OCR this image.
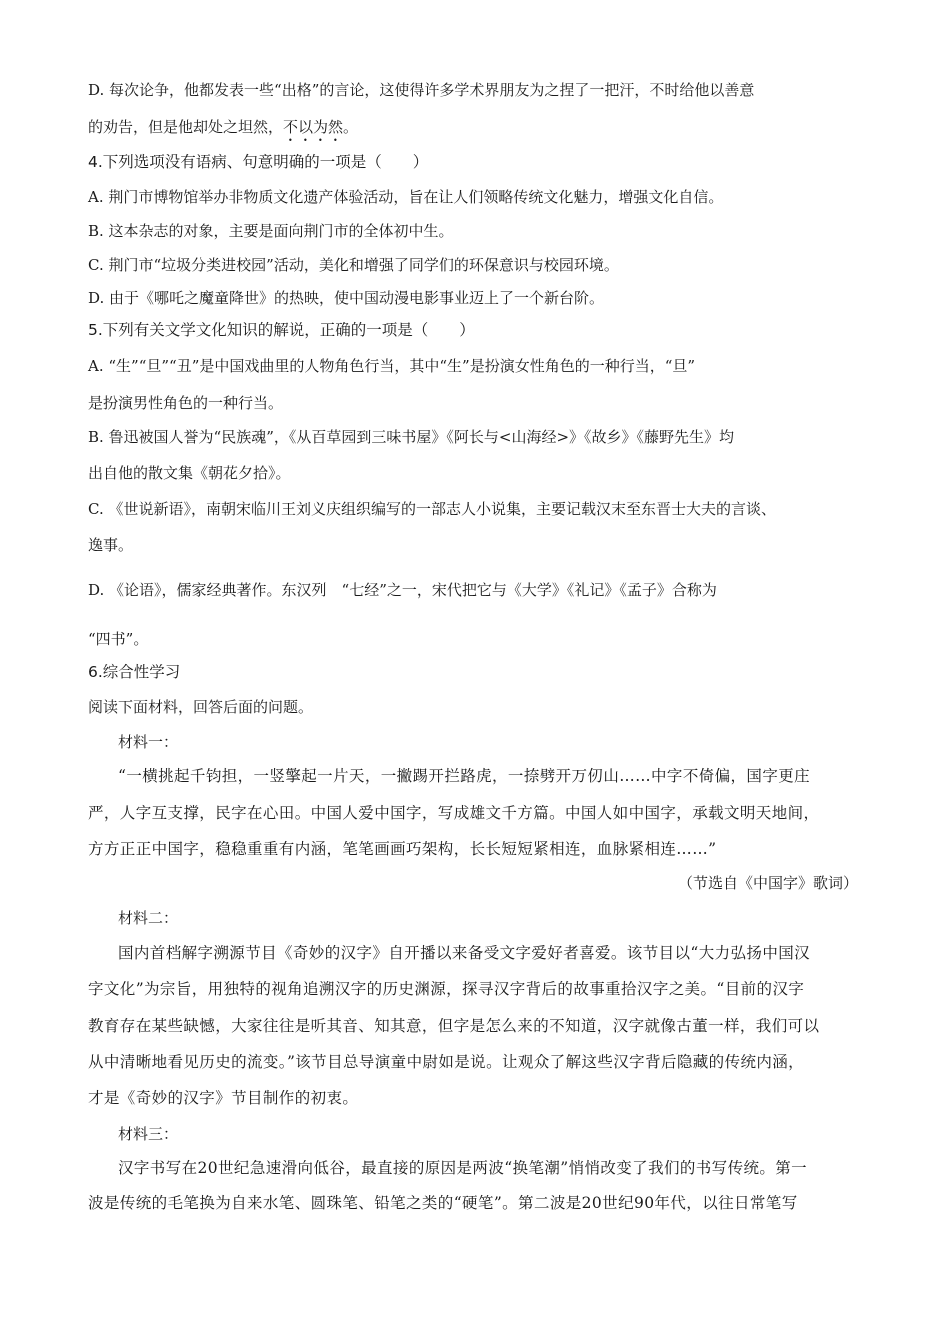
D. 每次论争，他都发表一些“出格”的言论，这使得许多学术界朋友为之捏了一把汗，不时给他以善意
的劝告，但是他却处之坦然，不以为然。
4.下列选项没有语病、句意明确的一项是（　　）
A. 荆门市博物馆举办非物质文化遗产体验活动，旨在让人们领略传统文化魅力，增强文化自信。
B. 这本杂志的对象，主要是面向荆门市的全体初中生。
C. 荆门市“垃圾分类进校园”活动，美化和增强了同学们的环保意识与校园环境。
D. 由于《哪吒之魔童降世》的热映，使中国动漫电影事业迈上了一个新台阶。
5.下列有关文学文化知识的解说，正确的一项是（　　）
A. “生”“旦”“丑”是中国戏曲里的人物角色行当，其中“生”是扮演女性角色的一种行当，“旦”
是扮演男性角色的一种行当。
B. 鲁迅被国人誉为“民族魂”，《从百草园到三味书屋》《阿长与<山海经>》《故乡》《藤野先生》均
出自他的散文集《朝花夕拾》。
C. 《世说新语》，南朝宋临川王刘义庆组织编写的一部志人小说集，主要记载汉末至东晋士大夫的言谈、
逸事。
D. 《论语》，儒家经典著作。东汉列　“七经”之一，宋代把它与《大学》《礼记》《孟子》合称为
“四书”。
6.综合性学习
阅读下面材料，回答后面的问题。
材料一：
“一横挑起千钧担，一竖擎起一片天，一撇踢开拦路虎，一捺劈开万仞山……中字不倚偏，国字更庄
严，人字互支撑，民字在心田。中国人爱中国字，写成雄文千方篇。中国人如中国字，承载文明天地间，
方方正正中国字，稳稳重重有内涵，笔笔画画巧架构，长长短短紧相连，血脉紧相连……”
（节选自《中国字》歌词）
材料二：
国内首档解字溯源节目《奇妙的汉字》自开播以来备受文字爱好者喜爱。该节目以“大力弘扬中国汉
字文化”为宗旨，用独特的视角追溯汉字的历史渊源，探寻汉字背后的故事重拾汉字之美。“目前的汉字
教育存在某些缺憾，大家往往是听其音、知其意，但字是怎么来的不知道，汉字就像古董一样，我们可以
从中清晰地看见历史的流变。”该节目总导演童中尉如是说。让观众了解这些汉字背后隐藏的传统内涵，
才是《奇妙的汉字》节目制作的初衷。
材料三：
汉字书写在20世纪急速滑向低谷，最直接的原因是两波“换笔潮”悄悄改变了我们的书写传统。第一
波是传统的毛笔换为自来水笔、圆珠笔、铅笔之类的“硬笔”。第二波是20世纪90年代，以往日常笔写
